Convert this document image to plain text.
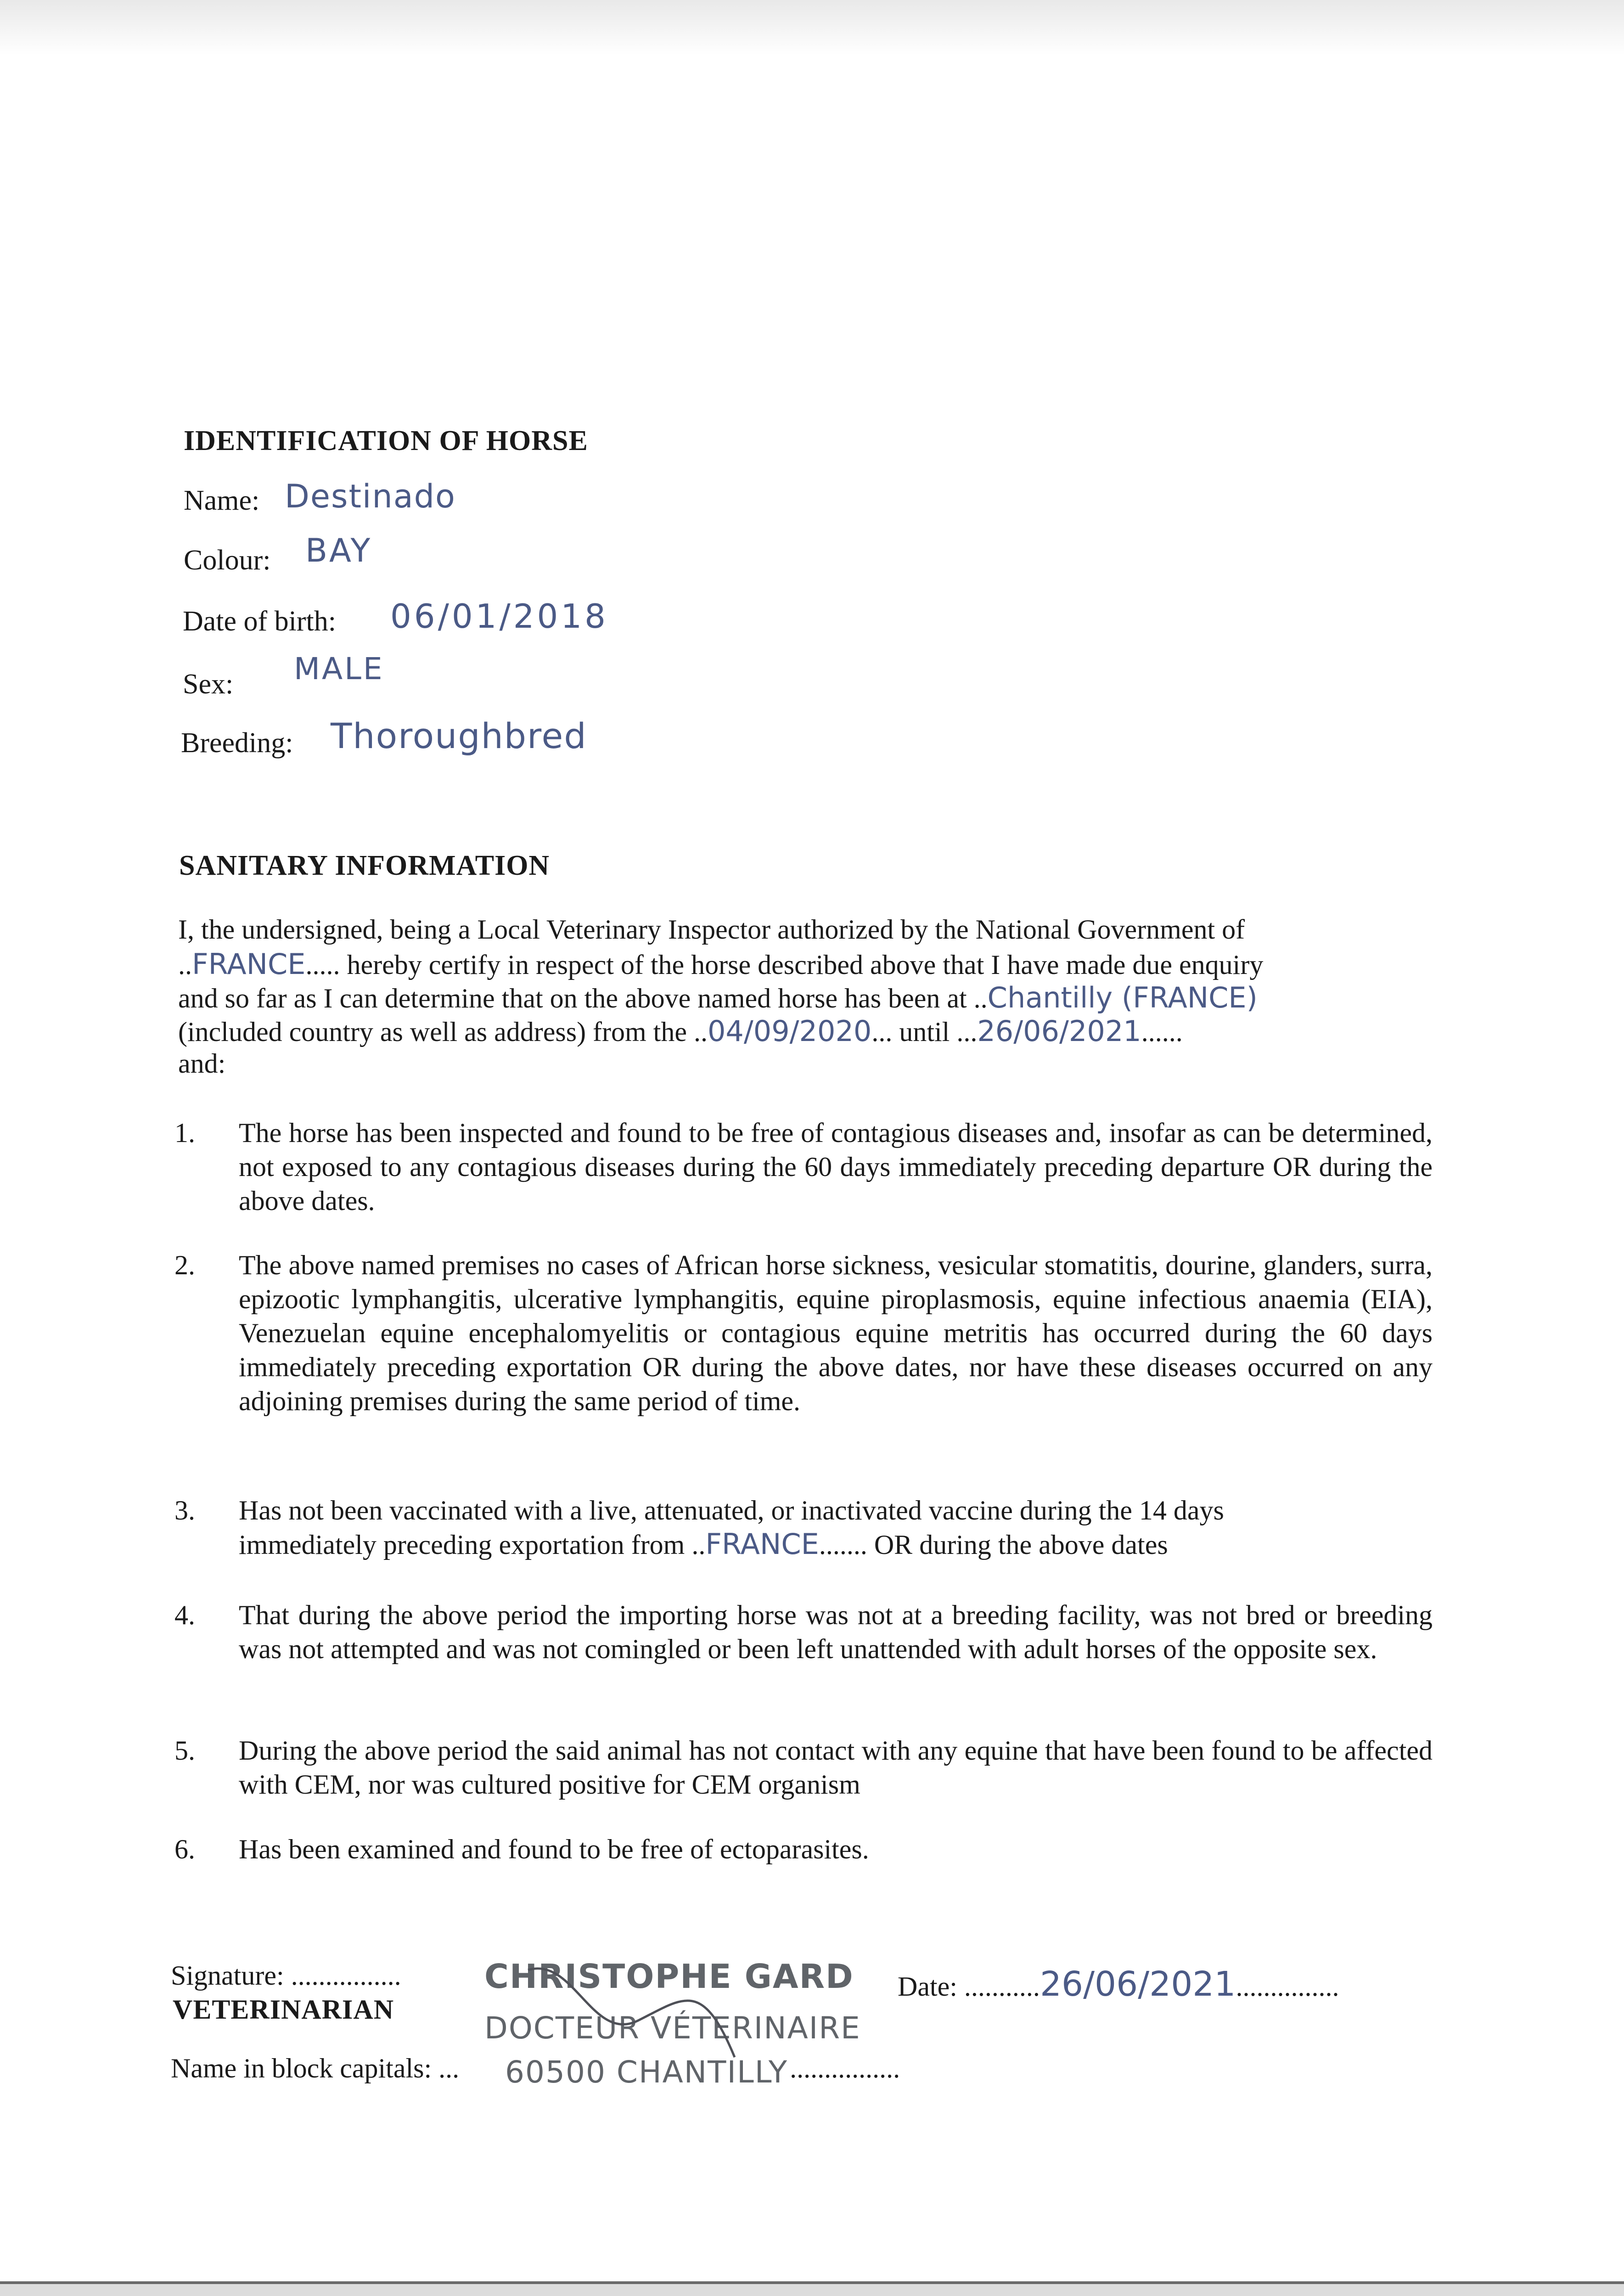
IDENTIFICATION OF HORSE
Name: Destinado
Colour: BAY
Date of birth: 06/01/2018
Sex: MALE
Breeding: Thoroughbred
SANITARY INFORMATION
I, the undersigned, being a Local Veterinary Inspector authorized by the National Government of
..FRANCE..... hereby certify in respect of the horse described above that I have made due enquiry
and so far as I can determine that on the above named horse has been at ..Chantilly (FRANCE)
(included country as well as address) from the ..04/09/2020... until ...26/06/2021......
and:
1. The horse has been inspected and found to be free of contagious diseases and, insofar as can be determined, not exposed to any contagious diseases during the 60 days immediately preceding departure OR during the above dates.
2. The above named premises no cases of African horse sickness, vesicular stomatitis, dourine, glanders, surra, epizootic lymphangitis, ulcerative lymphangitis, equine piroplasmosis, equine infectious anaemia (EIA), Venezuelan equine encephalomyelitis or contagious equine metritis has occurred during the 60 days immediately preceding exportation OR during the above dates, nor have these diseases occurred on any adjoining premises during the same period of time.
3. Has not been vaccinated with a live, attenuated, or inactivated vaccine during the 14 days
immediately preceding exportation from ..FRANCE....... OR during the above dates
4. That during the above period the importing horse was not at a breeding facility, was not bred or breeding was not attempted and was not comingled or been left unattended with adult horses of the opposite sex.
5. During the above period the said animal has not contact with any equine that have been found to be affected with CEM, nor was cultured positive for CEM organism
6. Has been examined and found to be free of ectoparasites.
Signature: ................
VETERINARIAN
Name in block capitals: ...	................
CHRISTOPHE GARD
DOCTEUR VÉTERINAIRE
60500 CHANTILLY
Date: ...........26/06/2021...............
